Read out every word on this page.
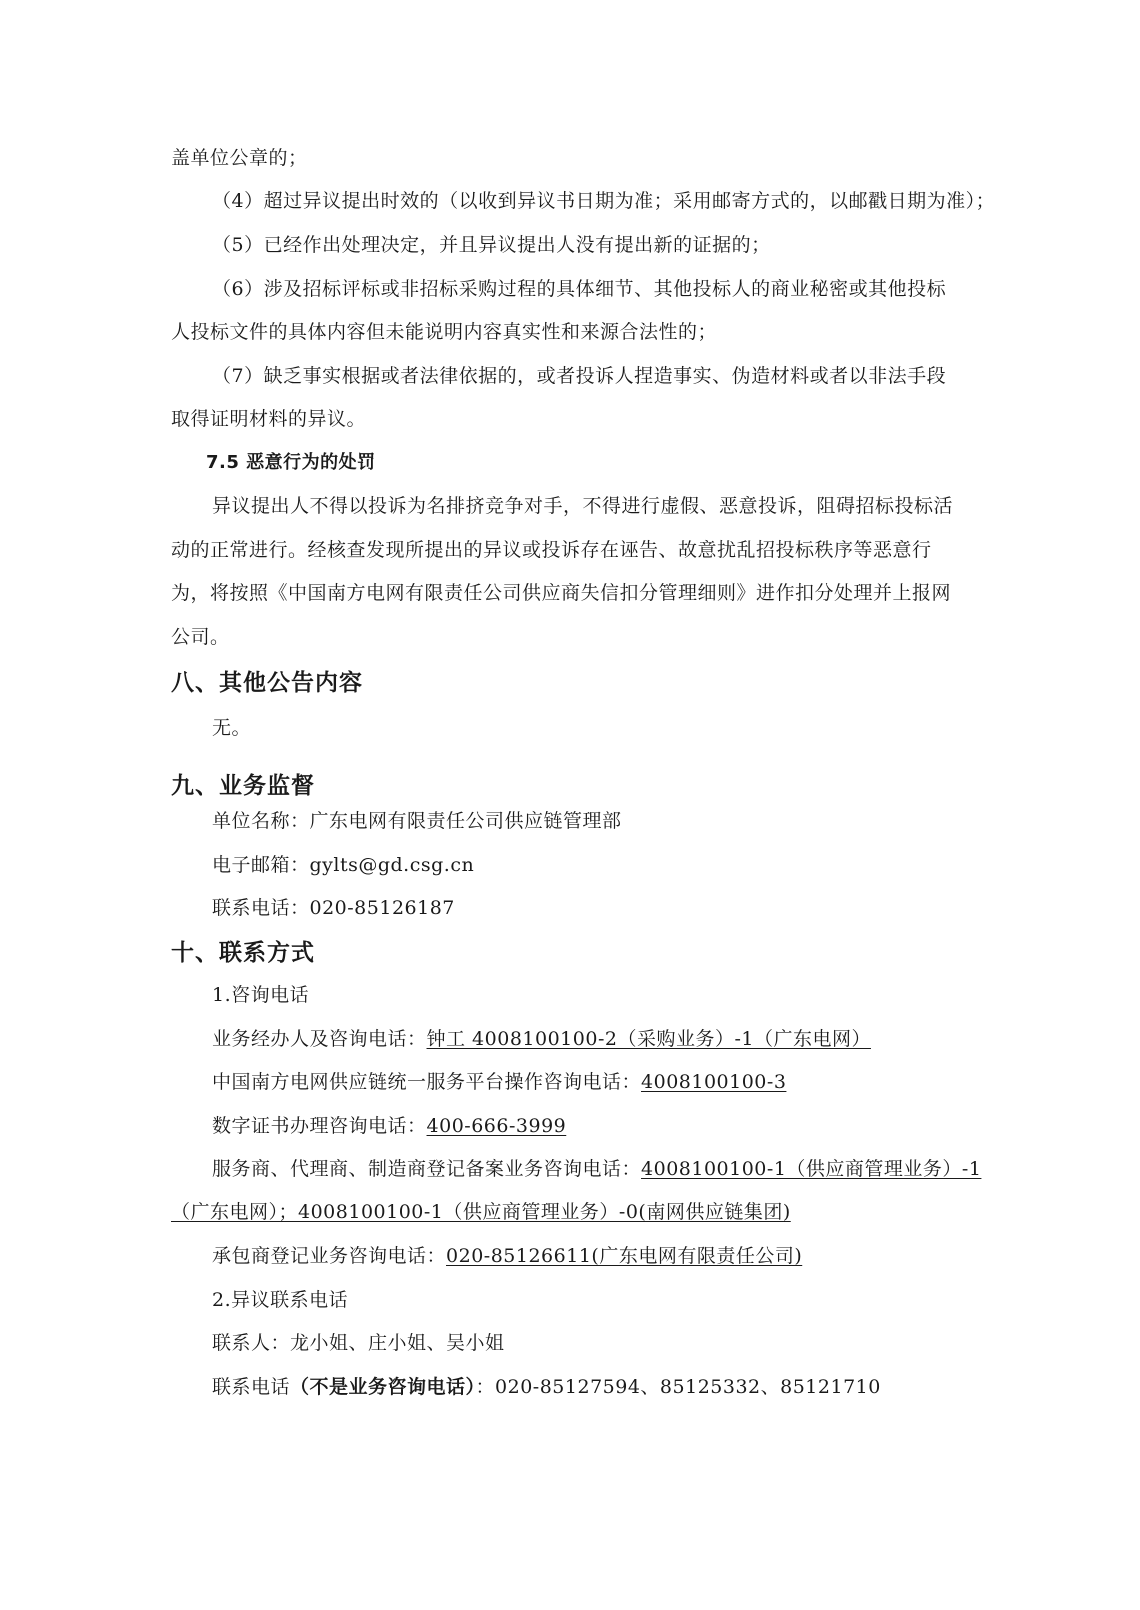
盖单位公章的；
（4）超过异议提出时效的（以收到异议书日期为准；采用邮寄方式的，以邮戳日期为准）；
（5）已经作出处理决定，并且异议提出人没有提出新的证据的；
（6）涉及招标评标或非招标采购过程的具体细节、其他投标人的商业秘密或其他投标
人投标文件的具体内容但未能说明内容真实性和来源合法性的；
（7）缺乏事实根据或者法律依据的，或者投诉人捏造事实、伪造材料或者以非法手段
取得证明材料的异议。
7.5 恶意行为的处罚
异议提出人不得以投诉为名排挤竞争对手，不得进行虚假、恶意投诉，阻碍招标投标活
动的正常进行。经核查发现所提出的异议或投诉存在诬告、故意扰乱招投标秩序等恶意行
为，将按照《中国南方电网有限责任公司供应商失信扣分管理细则》进作扣分处理并上报网
公司。
八、其他公告内容
无。
九、业务监督
单位名称：广东电网有限责任公司供应链管理部
电子邮箱：gylts@gd.csg.cn
联系电话：020-85126187
十、联系方式
1.咨询电话
业务经办人及咨询电话：钟工 4008100100-2（采购业务）-1（广东电网）
中国南方电网供应链统一服务平台操作咨询电话：4008100100-3
数字证书办理咨询电话：400-666-3999
服务商、代理商、制造商登记备案业务咨询电话：4008100100-1（供应商管理业务）-1
（广东电网）；4008100100-1（供应商管理业务）-0(南网供应链集团)
承包商登记业务咨询电话：020-85126611(广东电网有限责任公司)
2.异议联系电话
联系人：龙小姐、庄小姐、吴小姐
联系电话（不是业务咨询电话）：020-85127594、85125332、85121710
